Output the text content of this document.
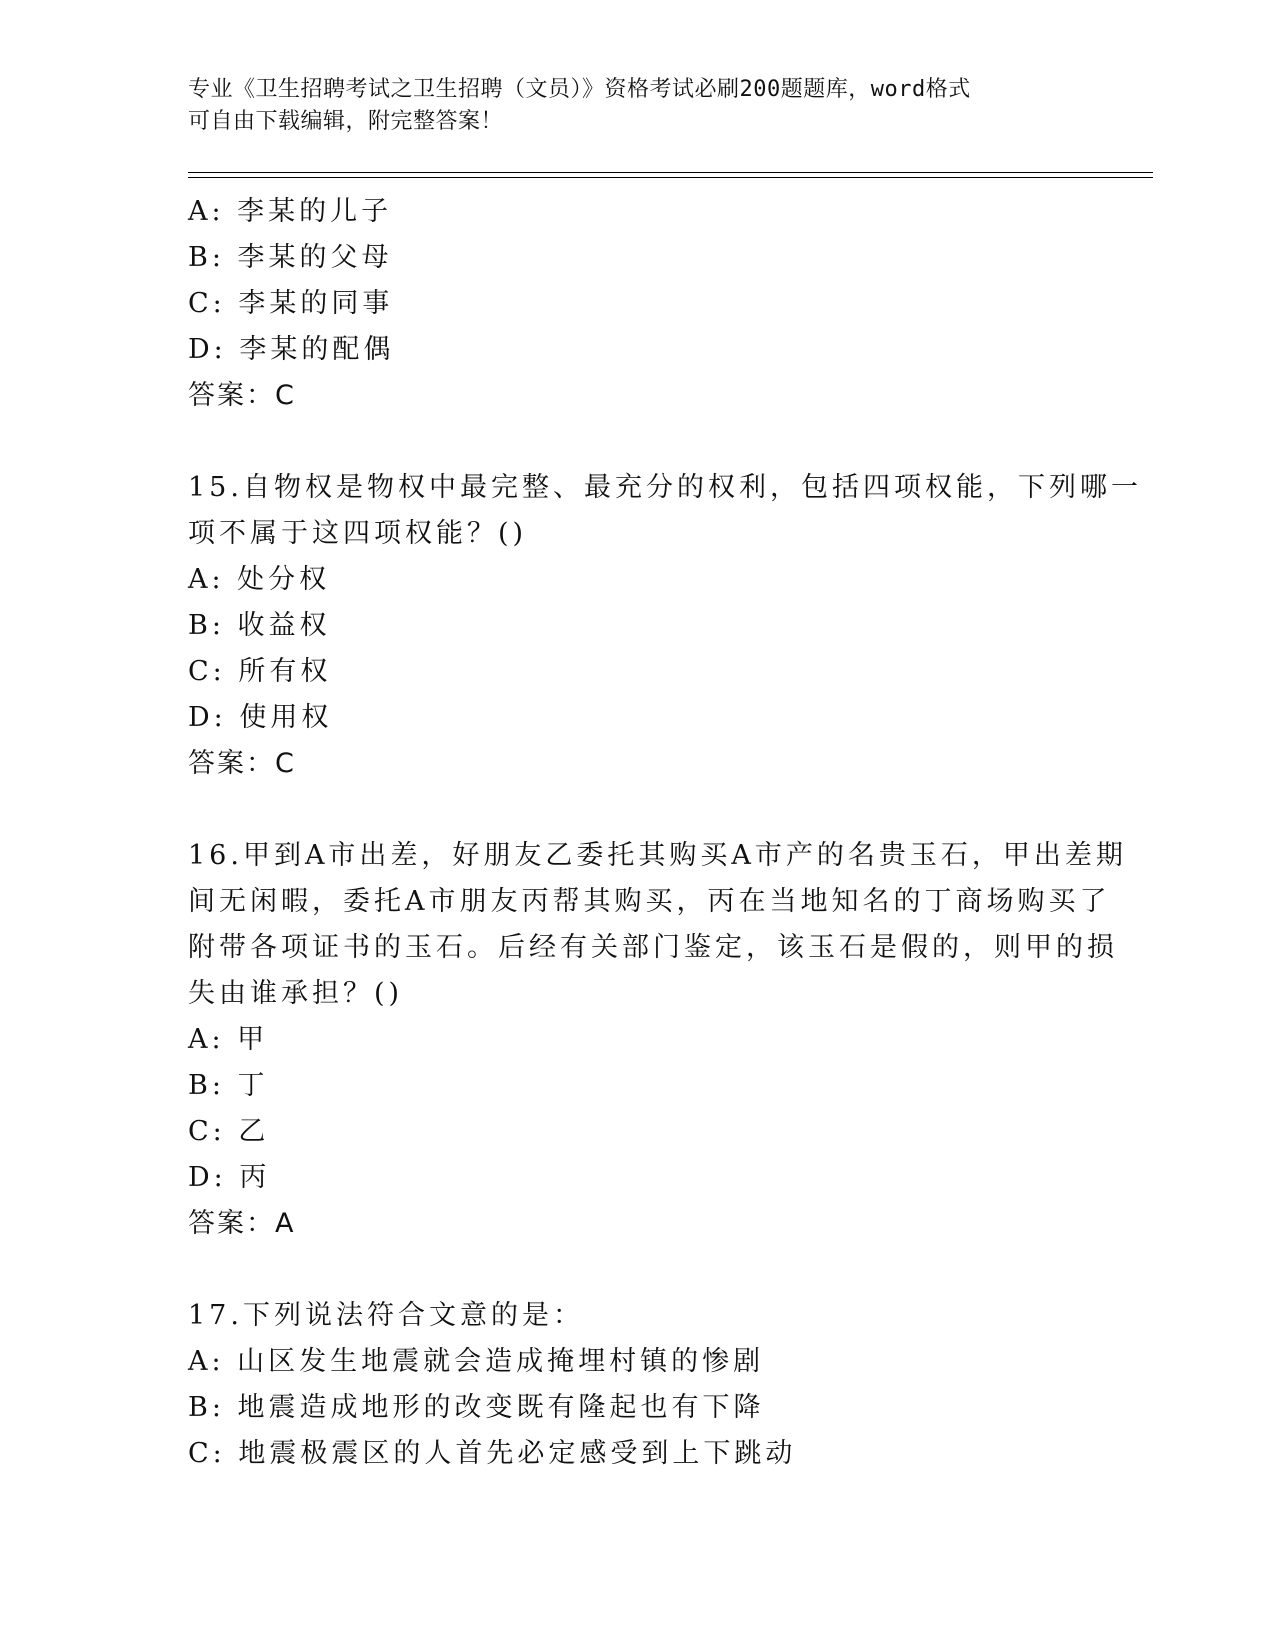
专业《卫生招聘考试之卫生招聘（文员）》资格考试必刷200题题库，word格式
可自由下载编辑，附完整答案！
A: 李某的儿子
B: 李某的父母
C: 李某的同事
D: 李某的配偶
答案：C
15.自物权是物权中最完整、最充分的权利，包括四项权能，下列哪一
项不属于这四项权能？()
A: 处分权
B: 收益权
C: 所有权
D: 使用权
答案：C
16.甲到A市出差，好朋友乙委托其购买A市产的名贵玉石，甲出差期
间无闲暇，委托A市朋友丙帮其购买，丙在当地知名的丁商场购买了
附带各项证书的玉石。后经有关部门鉴定，该玉石是假的，则甲的损
失由谁承担？()
A: 甲
B: 丁
C: 乙
D: 丙
答案：A
17.下列说法符合文意的是：
A: 山区发生地震就会造成掩埋村镇的惨剧
B: 地震造成地形的改变既有隆起也有下降
C: 地震极震区的人首先必定感受到上下跳动
